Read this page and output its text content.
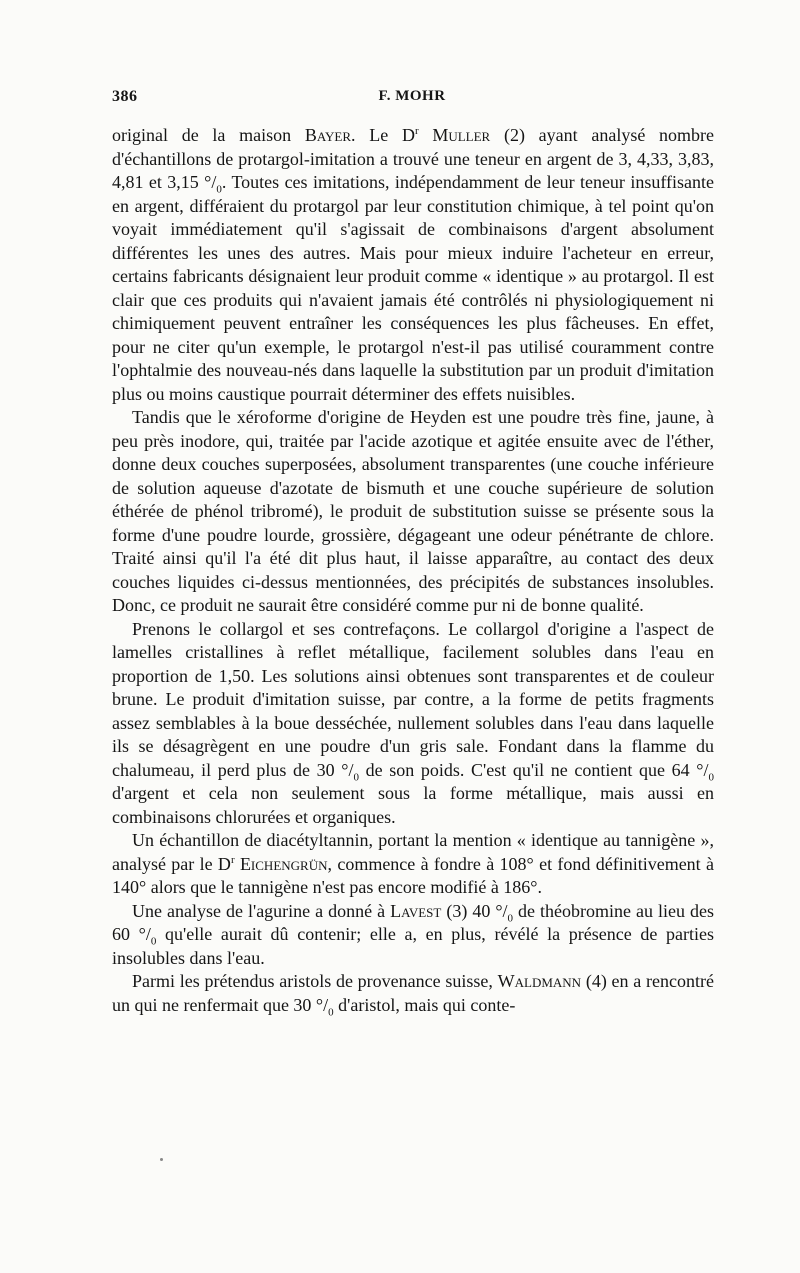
386	F. MOHR

original de la maison Bayer. Le $D^r$ Muller (2) ayant analysé nombre d'échantillons de protargol-imitation a trouvé une teneur en argent de 3, 4,33, 3,83, 4,81 et 3,15 $^\circ/_0$. Toutes ces imitations, indépendamment de leur teneur insuffisante en argent, différaient du protargol par leur constitution chimique, à tel point qu'on voyait immédiatement qu'il s'agissait de combinaisons d'argent absolument différentes les unes des autres. Mais pour mieux induire l'acheteur en erreur, certains fabricants désignaient leur produit comme « identique » au protargol. Il est clair que ces produits qui n'avaient jamais été contrôlés ni physiologiquement ni chimiquement peuvent entraîner les conséquences les plus fâcheuses. En effet, pour ne citer qu'un exemple, le protargol n'est-il pas utilisé couramment contre l'ophtalmie des nouveau-nés dans laquelle la substitution par un produit d'imitation plus ou moins caustique pourrait déterminer des effets nuisibles.

Tandis que le xéroforme d'origine de Heyden est une poudre très fine, jaune, à peu près inodore, qui, traitée par l'acide azotique et agitée ensuite avec de l'éther, donne deux couches superposées, absolument transparentes (une couche inférieure de solution aqueuse d'azotate de bismuth et une couche supérieure de solution éthérée de phénol tribromé), le produit de substitution suisse se présente sous la forme d'une poudre lourde, grossière, dégageant une odeur pénétrante de chlore. Traité ainsi qu'il l'a été dit plus haut, il laisse apparaître, au contact des deux couches liquides ci-dessus mentionnées, des précipités de substances insolubles. Donc, ce produit ne saurait être considéré comme pur ni de bonne qualité.

Prenons le collargol et ses contrefaçons. Le collargol d'origine a l'aspect de lamelles cristallines à reflet métallique, facilement solubles dans l'eau en proportion de 1,50. Les solutions ainsi obtenues sont transparentes et de couleur brune. Le produit d'imitation suisse, par contre, a la forme de petits fragments assez semblables à la boue desséchée, nullement solubles dans l'eau dans laquelle ils se désagrègent en une poudre d'un gris sale. Fondant dans la flamme du chalumeau, il perd plus de 30 $^\circ/_0$ de son poids. C'est qu'il ne contient que 64 $^\circ/_0$ d'argent et cela non seulement sous la forme métallique, mais aussi en combinaisons chlorurées et organiques.

Un échantillon de diacétyltannin, portant la mention « identique au tannigène », analysé par le $D^r$ Eichengrün, commence à fondre à 108° et fond définitivement à 140° alors que le tannigène n'est pas encore modifié à 186°.

Une analyse de l'agurine a donné à Lavest (3) 40 $^\circ/_0$ de théobromine au lieu des 60 $^\circ/_0$ qu'elle aurait dû contenir; elle a, en plus, révélé la présence de parties insolubles dans l'eau.

Parmi les prétendus aristols de provenance suisse, Waldmann (4) en a rencontré un qui ne renfermait que 30 $^\circ/_0$ d'aristol, mais qui conte-
